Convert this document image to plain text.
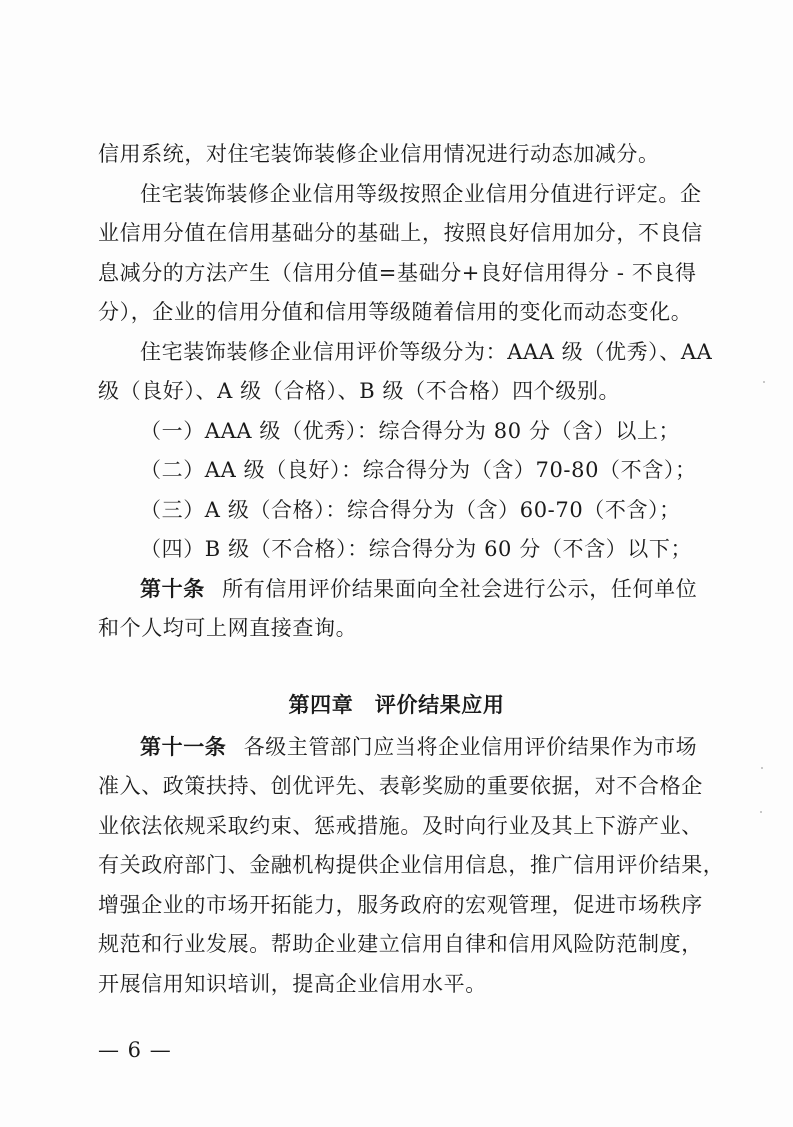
信用系统，对住宅装饰装修企业信用情况进行动态加减分。
住宅装饰装修企业信用等级按照企业信用分值进行评定。企
业信用分值在信用基础分的基础上，按照良好信用加分，不良信
息减分的方法产生（信用分值=基础分+良好信用得分 - 不良得
分），企业的信用分值和信用等级随着信用的变化而动态变化。
住宅装饰装修企业信用评价等级分为：AAA 级（优秀）、AA
级（良好）、A 级（合格）、B 级（不合格）四个级别。
（一）AAA 级（优秀）：综合得分为 80 分（含）以上；
（二）AA 级（良好）：综合得分为（含）70-80（不含）；
（三）A 级（合格）：综合得分为（含）60-70（不含）；
（四）B 级（不合格）：综合得分为 60 分（不含）以下；
第十条 所有信用评价结果面向全社会进行公示，任何单位
和个人均可上网直接查询。
第四章　评价结果应用
第十一条 各级主管部门应当将企业信用评价结果作为市场
准入、政策扶持、创优评先、表彰奖励的重要依据，对不合格企
业依法依规采取约束、惩戒措施。及时向行业及其上下游产业、
有关政府部门、金融机构提供企业信用信息，推广信用评价结果，
增强企业的市场开拓能力，服务政府的宏观管理，促进市场秩序
规范和行业发展。帮助企业建立信用自律和信用风险防范制度，
开展信用知识培训，提高企业信用水平。
— 6 —
